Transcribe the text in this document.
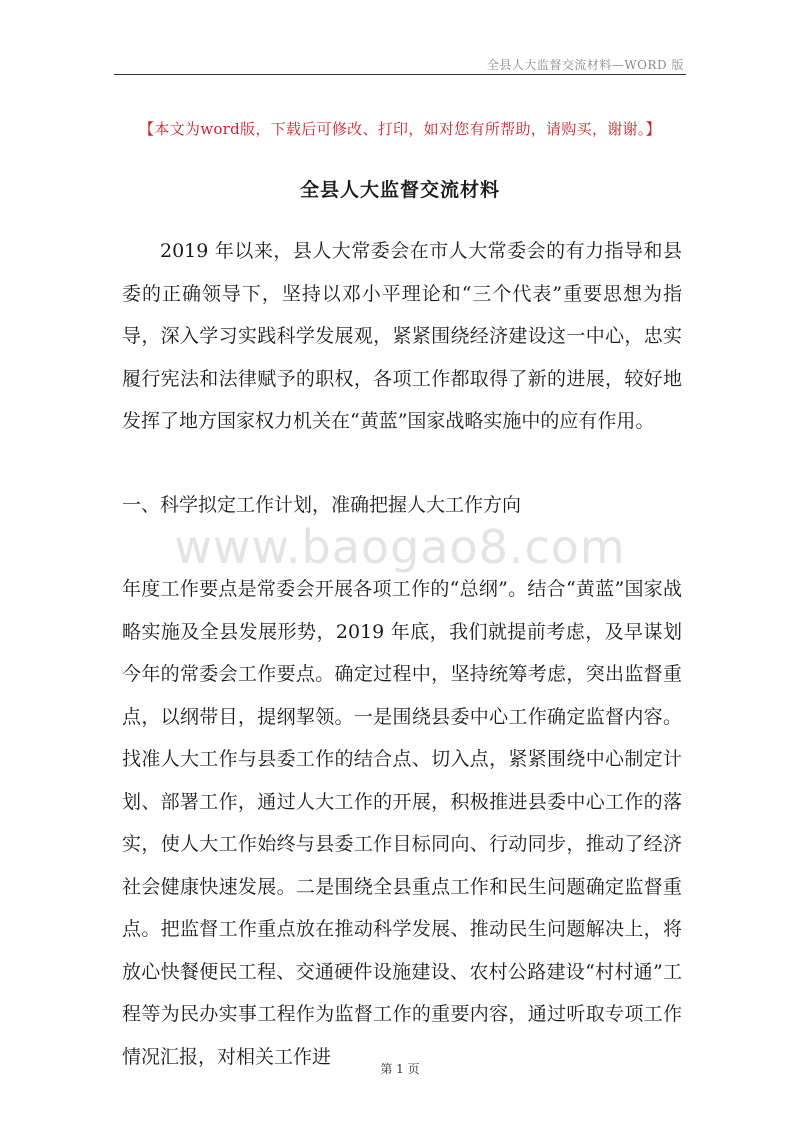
全县人大监督交流材料—WORD 版
【本文为word版，下载后可修改、打印，如对您有所帮助，请购买，谢谢。】
全县人大监督交流材料

2019 年以来，县人大常委会在市人大常委会的有力指导和县委的正确领导下，坚持以邓小平理论和“三个代表”重要思想为指导，深入学习实践科学发展观，紧紧围绕经济建设这一中心，忠实履行宪法和法律赋予的职权，各项工作都取得了新的进展，较好地发挥了地方国家权力机关在“黄蓝”国家战略实施中的应有作用。

一、科学拟定工作计划，准确把握人大工作方向

www.baogao8.com

年度工作要点是常委会开展各项工作的“总纲”。结合“黄蓝”国家战略实施及全县发展形势，2019 年底，我们就提前考虑，及早谋划今年的常委会工作要点。确定过程中，坚持统筹考虑，突出监督重点，以纲带目，提纲挈领。一是围绕县委中心工作确定监督内容。找准人大工作与县委工作的结合点、切入点，紧紧围绕中心制定计划、部署工作，通过人大工作的开展，积极推进县委中心工作的落实，使人大工作始终与县委工作目标同向、行动同步，推动了经济社会健康快速发展。二是围绕全县重点工作和民生问题确定监督重点。把监督工作重点放在推动科学发展、推动民生问题解决上，将放心快餐便民工程、交通硬件设施建设、农村公路建设“村村通”工程等为民办实事工程作为监督工作的重要内容，通过听取专项工作情况汇报，对相关工作进

第 1 页
